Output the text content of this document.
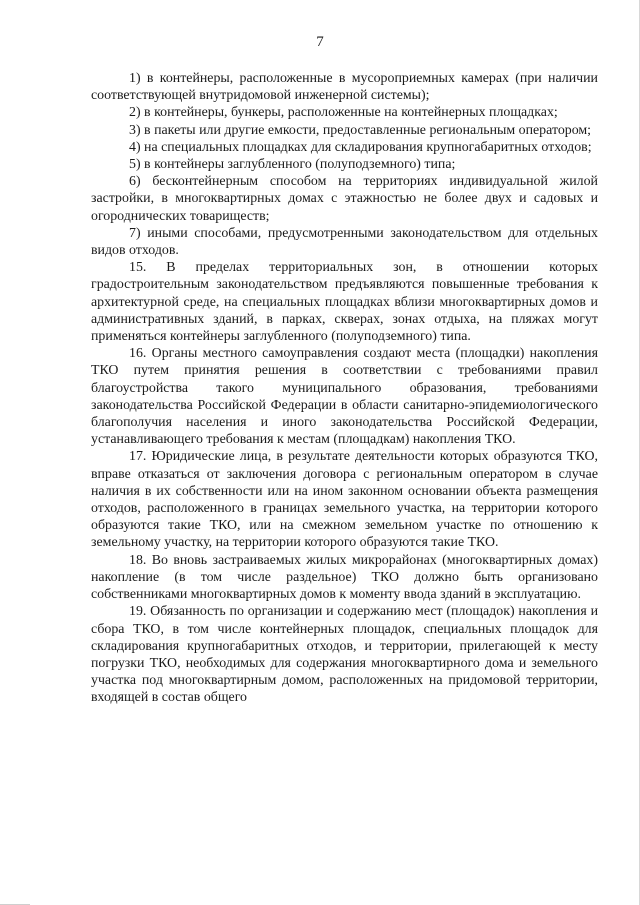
7

1) в контейнеры, расположенные в мусороприемных камерах (при наличии соответствующей внутридомовой инженерной системы);

2) в контейнеры, бункеры, расположенные на контейнерных площадках;

3) в пакеты или другие емкости, предоставленные региональным оператором;

4) на специальных площадках для складирования крупногабаритных отходов;

5) в контейнеры заглубленного (полуподземного) типа;

6) бесконтейнерным способом на территориях индивидуальной жилой застройки, в многоквартирных домах с этажностью не более двух и садовых и огороднических товариществ;

7) иными способами, предусмотренными законодательством для отдельных видов отходов.

15. В пределах территориальных зон, в отношении которых градостроительным законодательством предъявляются повышенные требования к архитектурной среде, на специальных площадках вблизи многоквартирных домов и административных зданий, в парках, скверах, зонах отдыха, на пляжах могут применяться контейнеры заглубленного (полуподземного) типа.

16. Органы местного самоуправления создают места (площадки) накопления ТКО путем принятия решения в соответствии с требованиями правил благоустройства такого муниципального образования, требованиями законодательства Российской Федерации в области санитарно-эпидемиологического благополучия населения и иного законодательства Российской Федерации, устанавливающего требования к местам (площадкам) накопления ТКО.

17. Юридические лица, в результате деятельности которых образуются ТКО, вправе отказаться от заключения договора с региональным оператором в случае наличия в их собственности или на ином законном основании объекта размещения отходов, расположенного в границах земельного участка, на территории которого образуются такие ТКО, или на смежном земельном участке по отношению к земельному участку, на территории которого образуются такие ТКО.

18. Во вновь застраиваемых жилых микрорайонах (многоквартирных домах) накопление (в том числе раздельное) ТКО должно быть организовано собственниками многоквартирных домов к моменту ввода зданий в эксплуатацию.

19. Обязанность по организации и содержанию мест (площадок) накопления и сбора ТКО, в том числе контейнерных площадок, специальных площадок для складирования крупногабаритных отходов, и территории, прилегающей к месту погрузки ТКО, необходимых для содержания многоквартирного дома и земельного участка под многоквартирным домом, расположенных на придомовой территории, входящей в состав общего
